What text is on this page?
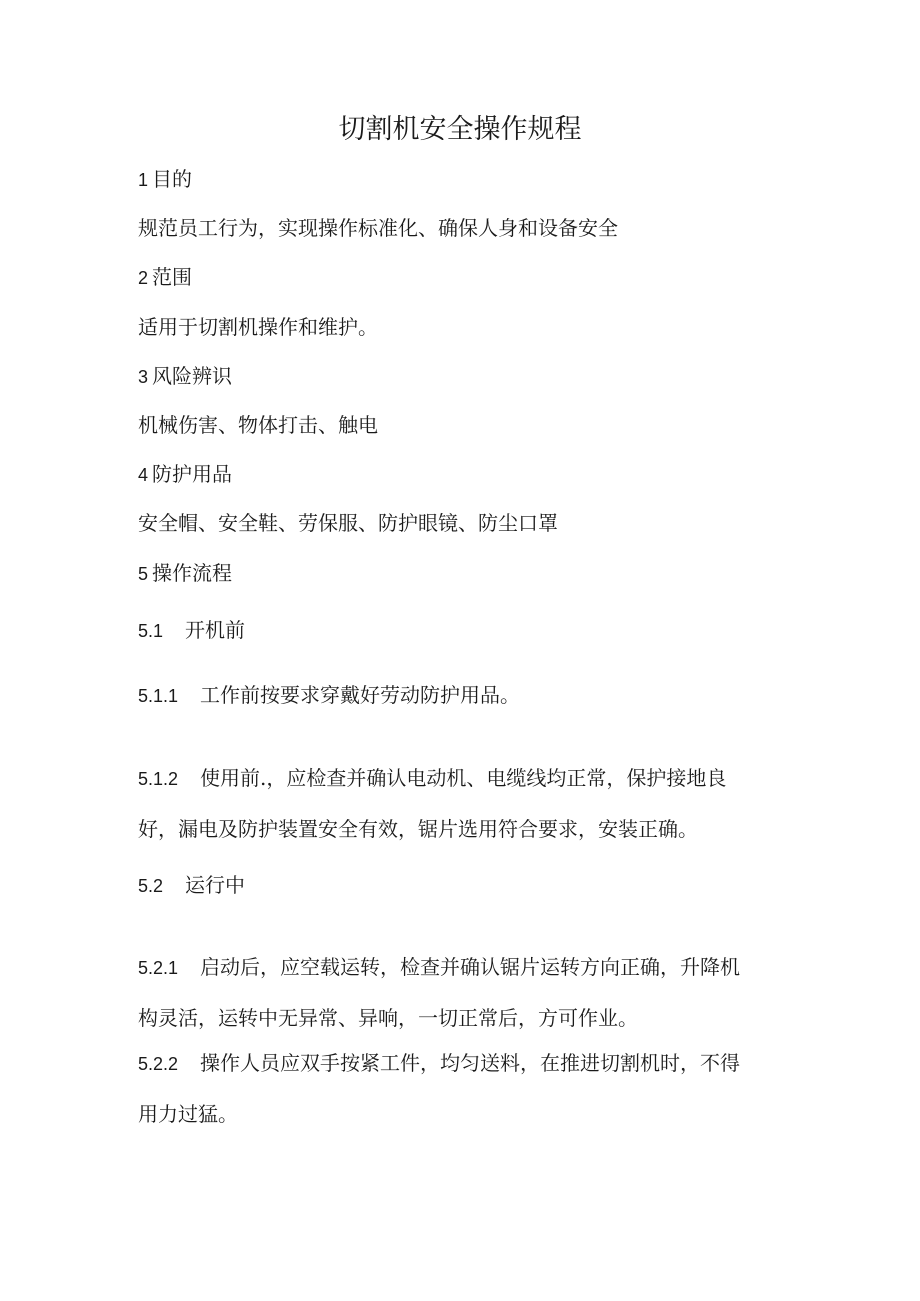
切割机安全操作规程
1 目的
规范员工行为，实现操作标准化、确保人身和设备安全
2 范围
适用于切割机操作和维护。
3 风险辨识
机械伤害、物体打击、触电
4 防护用品
安全帽、安全鞋、劳保服、防护眼镜、防尘口罩
5 操作流程
5.1 开机前
5.1.1 工作前按要求穿戴好劳动防护用品。
5.1.2 使用前.，应检查并确认电动机、电缆线均正常，保护接地良
好，漏电及防护装置安全有效，锯片选用符合要求，安装正确。
5.2 运行中
5.2.1 启动后，应空载运转，检查并确认锯片运转方向正确，升降机
构灵活，运转中无异常、异响，一切正常后，方可作业。
5.2.2 操作人员应双手按紧工件，均匀送料，在推进切割机时，不得
用力过猛。
